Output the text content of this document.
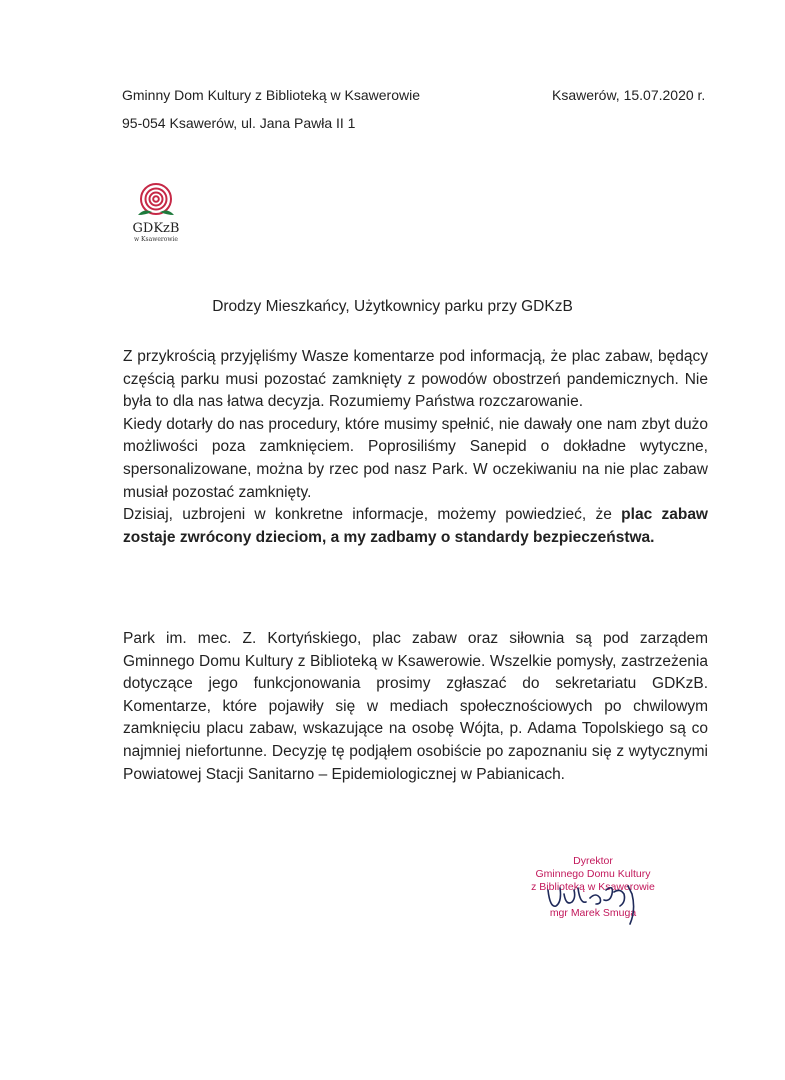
Gminny Dom Kultury z Biblioteką w Ksawerowie
95-054 Ksawerów, ul. Jana Pawła II 1
Ksawerów, 15.07.2020 r.
GDKzB
w Ksawerowie
Drodzy Mieszkańcy, Użytkownicy parku przy GDKzB

Z przykrością przyjęliśmy Wasze komentarze pod informacją, że plac zabaw, będący częścią parku musi pozostać zamknięty z powodów obostrzeń pandemicznych. Nie była to dla nas łatwa decyzja. Rozumiemy Państwa rozczarowanie.

Kiedy dotarły do nas procedury, które musimy spełnić, nie dawały one nam zbyt dużo możliwości poza zamknięciem. Poprosiliśmy Sanepid o dokładne wytyczne, spersonalizowane, można by rzec pod nasz Park. W oczekiwaniu na nie plac zabaw musiał pozostać zamknięty.

Dzisiaj, uzbrojeni w konkretne informacje, możemy powiedzieć, że plac zabaw zostaje zwrócony dzieciom, a my zadbamy o standardy bezpieczeństwa.

Park im. mec. Z. Kortyńskiego, plac zabaw oraz siłownia są pod zarządem Gminnego Domu Kultury z Biblioteką w Ksawerowie. Wszelkie pomysły, zastrzeżenia dotyczące jego funkcjonowania prosimy zgłaszać do sekretariatu GDKzB. Komentarze, które pojawiły się w mediach społecznościowych po chwilowym zamknięciu placu zabaw, wskazujące na osobę Wójta, p. Adama Topolskiego są co najmniej niefortunne. Decyzję tę podjąłem osobiście po zapoznaniu się z wytycznymi Powiatowej Stacji Sanitarno – Epidemiologicznej w Pabianicach.

Dyrektor
Gminnego Domu Kultury
z Biblioteką w Ksawerowie
mgr Marek Smuga
